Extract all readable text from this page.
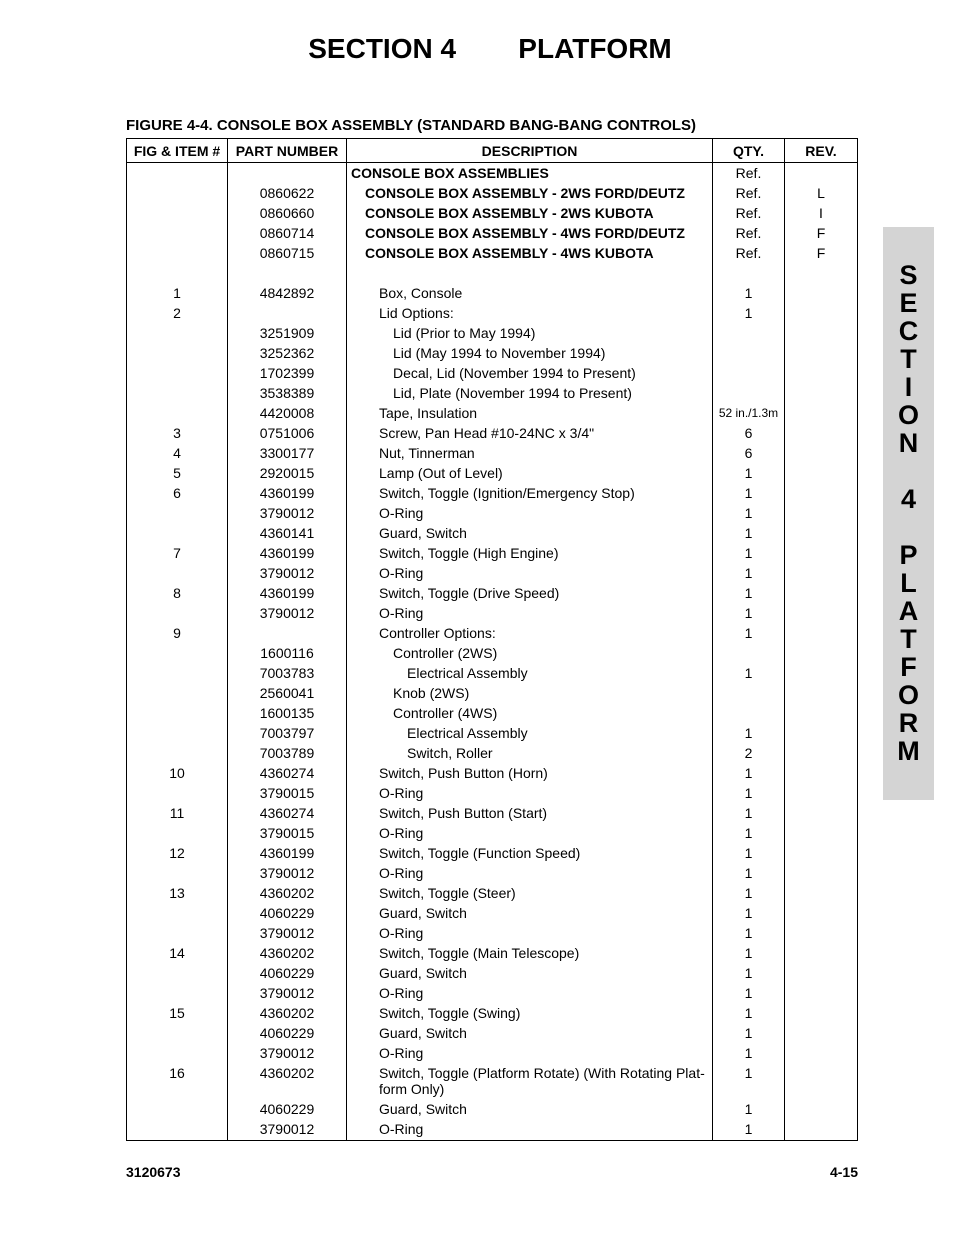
SECTION 4        PLATFORM
FIGURE 4-4. CONSOLE BOX ASSEMBLY (STANDARD BANG-BANG CONTROLS)
FIG & ITEM #	PART NUMBER	DESCRIPTION	QTY.	REV.
		CONSOLE BOX ASSEMBLIES	Ref.	
	0860622	CONSOLE BOX ASSEMBLY - 2WS FORD/DEUTZ	Ref.	L
	0860660	CONSOLE BOX ASSEMBLY - 2WS KUBOTA	Ref.	I
	0860714	CONSOLE BOX ASSEMBLY - 4WS FORD/DEUTZ	Ref.	F
	0860715	CONSOLE BOX ASSEMBLY - 4WS KUBOTA	Ref.	F

1	4842892	Box, Console	1	
2		Lid Options:	1	
	3251909	Lid (Prior to May 1994)		
	3252362	Lid (May 1994 to November 1994)		
	1702399	Decal, Lid (November 1994 to Present)		
	3538389	Lid, Plate (November 1994 to Present)		
	4420008	Tape, Insulation	52 in./1.3m	
3	0751006	Screw, Pan Head #10-24NC x 3/4"	6	
4	3300177	Nut, Tinnerman	6	
5	2920015	Lamp (Out of Level)	1	
6	4360199	Switch, Toggle (Ignition/Emergency Stop)	1	
	3790012	O-Ring	1	
	4360141	Guard, Switch	1	
7	4360199	Switch, Toggle (High Engine)	1	
	3790012	O-Ring	1	
8	4360199	Switch, Toggle (Drive Speed)	1	
	3790012	O-Ring	1	
9		Controller Options:	1	
	1600116	Controller (2WS)		
	7003783	Electrical Assembly	1	
	2560041	Knob (2WS)		
	1600135	Controller (4WS)		
	7003797	Electrical Assembly	1	
	7003789	Switch, Roller	2	
10	4360274	Switch, Push Button (Horn)	1	
	3790015	O-Ring	1	
11	4360274	Switch, Push Button (Start)	1	
	3790015	O-Ring	1	
12	4360199	Switch, Toggle (Function Speed)	1	
	3790012	O-Ring	1	
13	4360202	Switch, Toggle (Steer)	1	
	4060229	Guard, Switch	1	
	3790012	O-Ring	1	
14	4360202	Switch, Toggle (Main Telescope)	1	
	4060229	Guard, Switch	1	
	3790012	O-Ring	1	
15	4360202	Switch, Toggle (Swing)	1	
	4060229	Guard, Switch	1	
	3790012	O-Ring	1	
16	4360202	Switch, Toggle (Platform Rotate) (With Rotating Plat-form Only)	1	
	4060229	Guard, Switch	1	
	3790012	O-Ring	1	
S
E
C
T
I
O
N

4

P
L
A
T
F
O
R
M
3120673	4-15
